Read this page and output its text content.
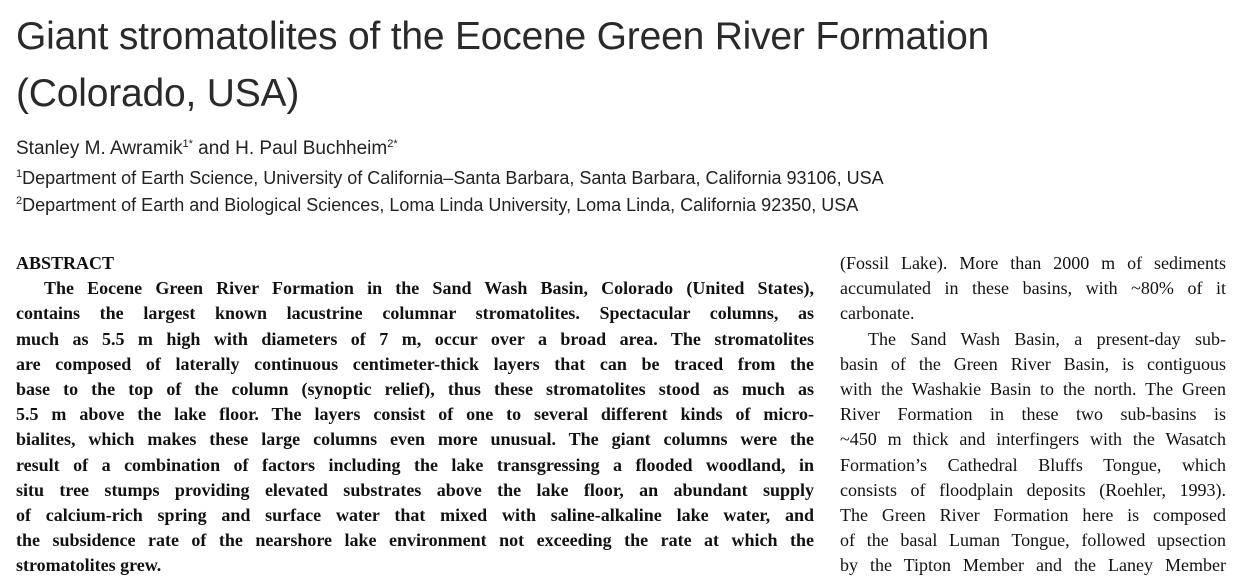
Giant stromatolites of the Eocene Green River Formation
(Colorado, USA)
Stanley M. Awramik$^{1*}$ and H. Paul Buchheim$^{2*}$
$^1$Department of Earth Science, University of California–Santa Barbara, Santa Barbara, California 93106, USA
$^2$Department of Earth and Biological Sciences, Loma Linda University, Loma Linda, California 92350, USA
ABSTRACT
The Eocene Green River Formation in the Sand Wash Basin, Colorado (United States),
contains the largest known lacustrine columnar stromatolites. Spectacular columns, as
much as 5.5 m high with diameters of 7 m, occur over a broad area. The stromatolites
are composed of laterally continuous centimeter-thick layers that can be traced from the
base to the top of the column (synoptic relief), thus these stromatolites stood as much as
5.5 m above the lake floor. The layers consist of one to several different kinds of micro-
bialites, which makes these large columns even more unusual. The giant columns were the
result of a combination of factors including the lake transgressing a flooded woodland, in
situ tree stumps providing elevated substrates above the lake floor, an abundant supply
of calcium-rich spring and surface water that mixed with saline-alkaline lake water, and
the subsidence rate of the nearshore lake environment not exceeding the rate at which the
stromatolites grew.
(Fossil Lake). More than 2000 m of sediments
accumulated in these basins, with ~80% of it
carbonate.
The Sand Wash Basin, a present-day sub-
basin of the Green River Basin, is contiguous
with the Washakie Basin to the north. The Green
River Formation in these two sub-basins is
~450 m thick and interfingers with the Wasatch
Formation’s Cathedral Bluffs Tongue, which
consists of floodplain deposits (Roehler, 1993).
The Green River Formation here is composed
of the basal Luman Tongue, followed upsection
by the Tipton Member and the Laney Member
